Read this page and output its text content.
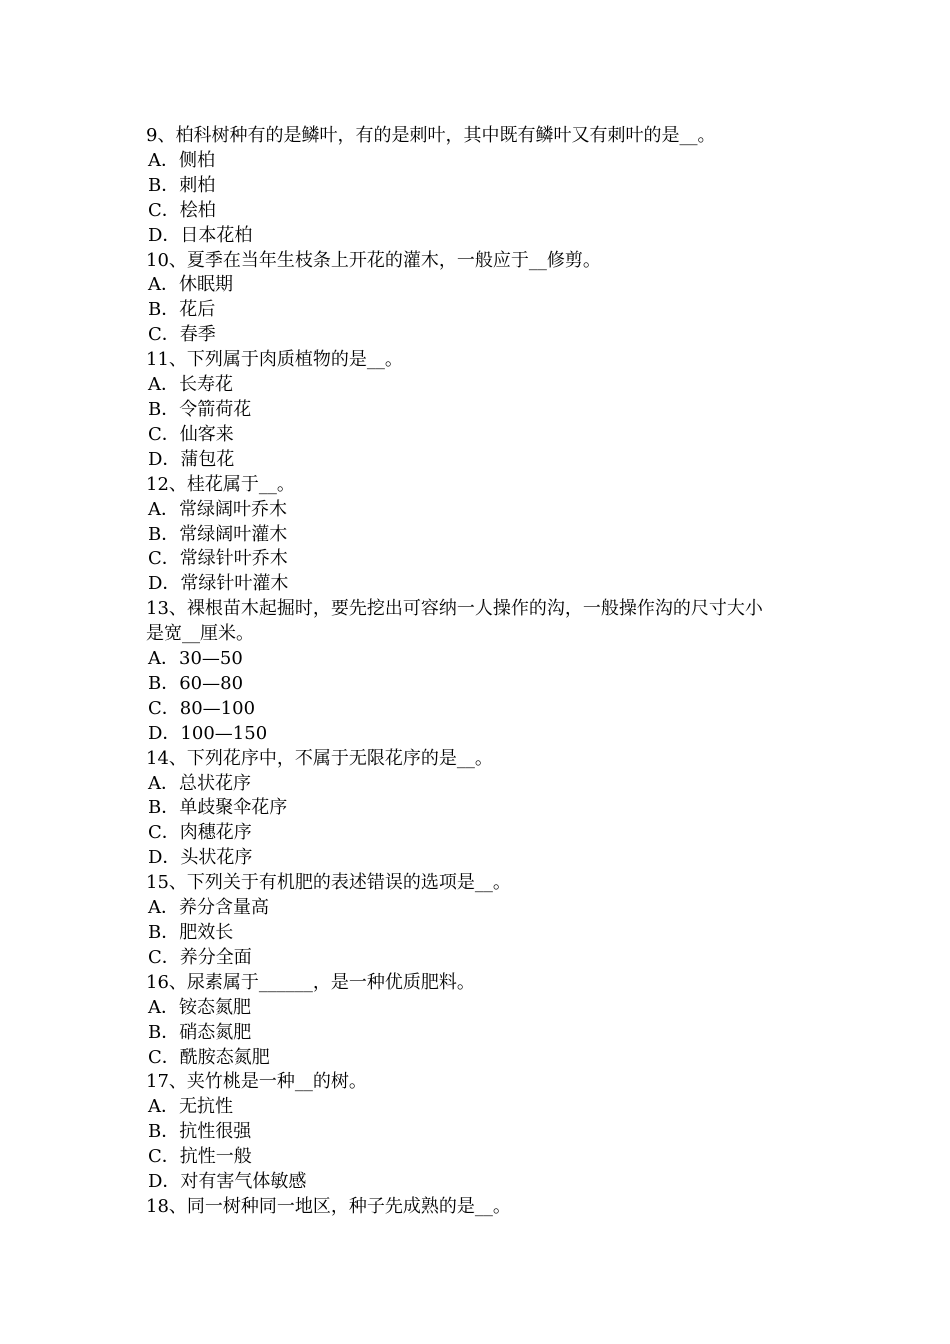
9、柏科树种有的是鳞叶，有的是刺叶，其中既有鳞叶又有刺叶的是__。
A．侧柏
B．刺柏
C．桧柏
D．日本花柏
10、夏季在当年生枝条上开花的灌木，一般应于__修剪。
A．休眠期
B．花后
C．春季
11、下列属于肉质植物的是__。
A．长寿花
B．令箭荷花
C．仙客来
D．蒲包花
12、桂花属于__。
A．常绿阔叶乔木
B．常绿阔叶灌木
C．常绿针叶乔木
D．常绿针叶灌木
13、裸根苗木起掘时，要先挖出可容纳一人操作的沟，一般操作沟的尺寸大小
是宽__厘米。
A．30—50
B．60—80
C．80—100
D．100—150
14、下列花序中，不属于无限花序的是__。
A．总状花序
B．单歧聚伞花序
C．肉穗花序
D．头状花序
15、下列关于有机肥的表述错误的选项是__。
A．养分含量高
B．肥效长
C．养分全面
16、尿素属于______，是一种优质肥料。
A．铵态氮肥
B．硝态氮肥
C．酰胺态氮肥
17、夹竹桃是一种__的树。
A．无抗性
B．抗性很强
C．抗性一般
D．对有害气体敏感
18、同一树种同一地区，种子先成熟的是__。
